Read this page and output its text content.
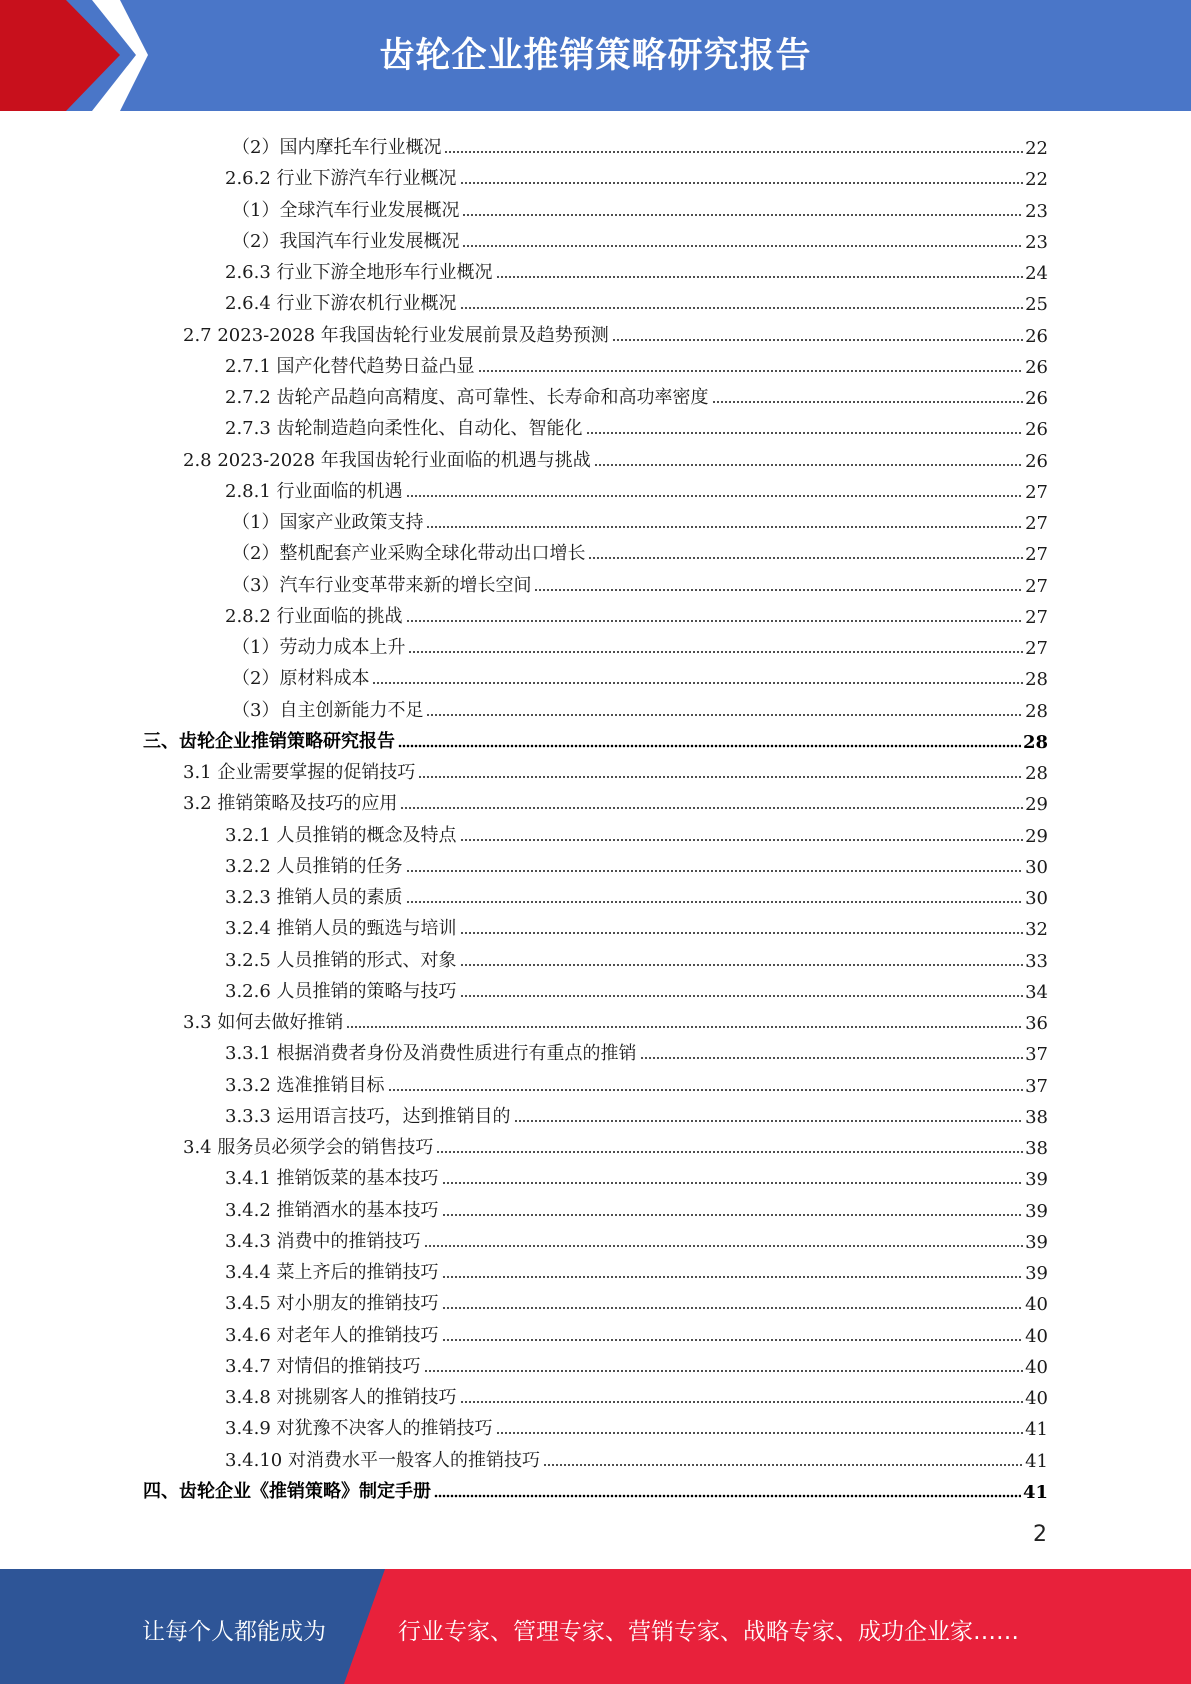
齿轮企业推销策略研究报告
（2）国内摩托车行业概况	22
2.6.2 行业下游汽车行业概况	22
（1）全球汽车行业发展概况	23
（2）我国汽车行业发展概况	23
2.6.3 行业下游全地形车行业概况	24
2.6.4 行业下游农机行业概况	25
2.7 2023-2028 年我国齿轮行业发展前景及趋势预测	26
2.7.1 国产化替代趋势日益凸显	26
2.7.2 齿轮产品趋向高精度、高可靠性、长寿命和高功率密度	26
2.7.3 齿轮制造趋向柔性化、自动化、智能化	26
2.8 2023-2028 年我国齿轮行业面临的机遇与挑战	26
2.8.1 行业面临的机遇	27
（1）国家产业政策支持	27
（2）整机配套产业采购全球化带动出口增长	27
（3）汽车行业变革带来新的增长空间	27
2.8.2 行业面临的挑战	27
（1）劳动力成本上升	27
（2）原材料成本	28
（3）自主创新能力不足	28
三、齿轮企业推销策略研究报告	28
3.1 企业需要掌握的促销技巧	28
3.2 推销策略及技巧的应用	29
3.2.1 人员推销的概念及特点	29
3.2.2 人员推销的任务	30
3.2.3 推销人员的素质	30
3.2.4 推销人员的甄选与培训	32
3.2.5 人员推销的形式、对象	33
3.2.6 人员推销的策略与技巧	34
3.3 如何去做好推销	36
3.3.1 根据消费者身份及消费性质进行有重点的推销	37
3.3.2 选准推销目标	37
3.3.3 运用语言技巧，达到推销目的	38
3.4 服务员必须学会的销售技巧	38
3.4.1 推销饭菜的基本技巧	39
3.4.2 推销酒水的基本技巧	39
3.4.3 消费中的推销技巧	39
3.4.4 菜上齐后的推销技巧	39
3.4.5 对小朋友的推销技巧	40
3.4.6 对老年人的推销技巧	40
3.4.7 对情侣的推销技巧	40
3.4.8 对挑剔客人的推销技巧	40
3.4.9 对犹豫不决客人的推销技巧	41
3.4.10 对消费水平一般客人的推销技巧	41
四、齿轮企业《推销策略》制定手册	41
2
让每个人都能成为	行业专家、管理专家、营销专家、战略专家、成功企业家……
